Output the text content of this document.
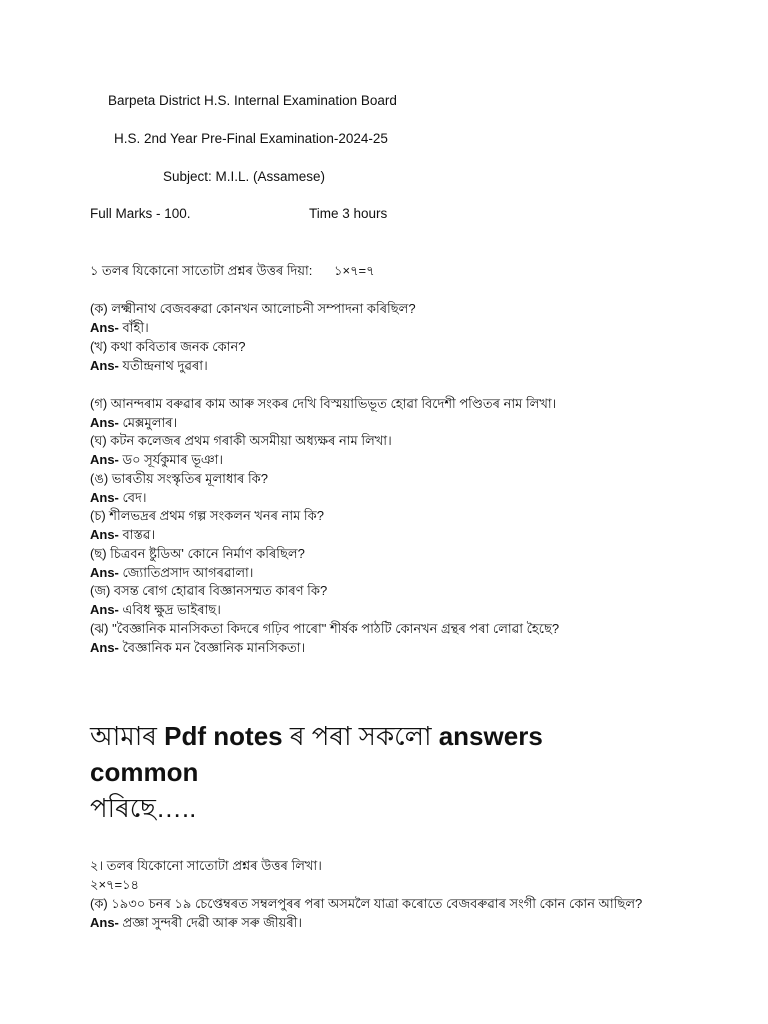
Barpeta District H.S. Internal Examination Board
H.S. 2nd Year Pre-Final Examination-2024-25
Subject: M.I.L. (Assamese)
Full Marks - 100.	Time 3 hours
১ তলৰ যিকোনো সাতোটা প্ৰশ্নৰ উত্তৰ দিয়া: ১×৭=৭
(ক) লক্ষ্মীনাথ বেজবৰুৱা কোনখন আলোচনী সম্পাদনা কৰিছিল?
Ans- বাঁহী।
(খ) কথা কবিতাৰ জনক কোন?
Ans- যতীন্দ্ৰনাথ দুৱৰা।
(গ) আনন্দৰাম বৰুৱাৰ কাম আৰু সংকৰ দেখি বিস্ময়াভিভূত হোৱা বিদেশী পণ্ডিতৰ নাম লিখা।
Ans- মেক্সমুলাৰ।
(ঘ) কটন কলেজৰ প্ৰথম গৰাকী অসমীয়া অধ্যক্ষৰ নাম লিখা।
Ans- ড০ সূৰ্যকুমাৰ ভূঞা।
(ঙ) ভাৰতীয় সংস্কৃতিৰ মূলাধাৰ কি?
Ans- বেদ।
(চ) শীলভদ্ৰৰ প্ৰথম গল্প সংকলন খনৰ নাম কি?
Ans- বাস্তৱ।
(ছ) চিত্ৰবন ষ্টুডিঅ' কোনে নিৰ্মাণ কৰিছিল?
Ans- জ্যোতিপ্ৰসাদ আগৰৱালা।
(জ) বসন্ত ৰোগ হোৱাৰ বিজ্ঞানসম্মত কাৰণ কি?
Ans- এবিধ ক্ষুদ্ৰ ভাইৰাছ।
(ঝ) "বৈজ্ঞানিক মানসিকতা কিদৰে গঢ়িব পাৰো" শীৰ্ষক পাঠটি কোনখন গ্ৰন্থৰ পৰা লোৱা হৈছে?
Ans- বৈজ্ঞানিক মন বৈজ্ঞানিক মানসিকতা।
আমাৰ Pdf notes ৰ পৰা সকলো answers common
পৰিছে…..
২। তলৰ যিকোনো সাতোটা প্ৰশ্নৰ উত্তৰ লিখা।
২×৭=১৪
(ক) ১৯৩০ চনৰ ১৯ চেপ্তেম্বৰত সম্বলপুৰৰ পৰা অসমলৈ যাত্ৰা কৰোতে বেজবৰুৱাৰ সংগী কোন কোন আছিল?
Ans- প্ৰজ্ঞা সুন্দৰী দেৱী আৰু সৰু জীয়ৰী।
